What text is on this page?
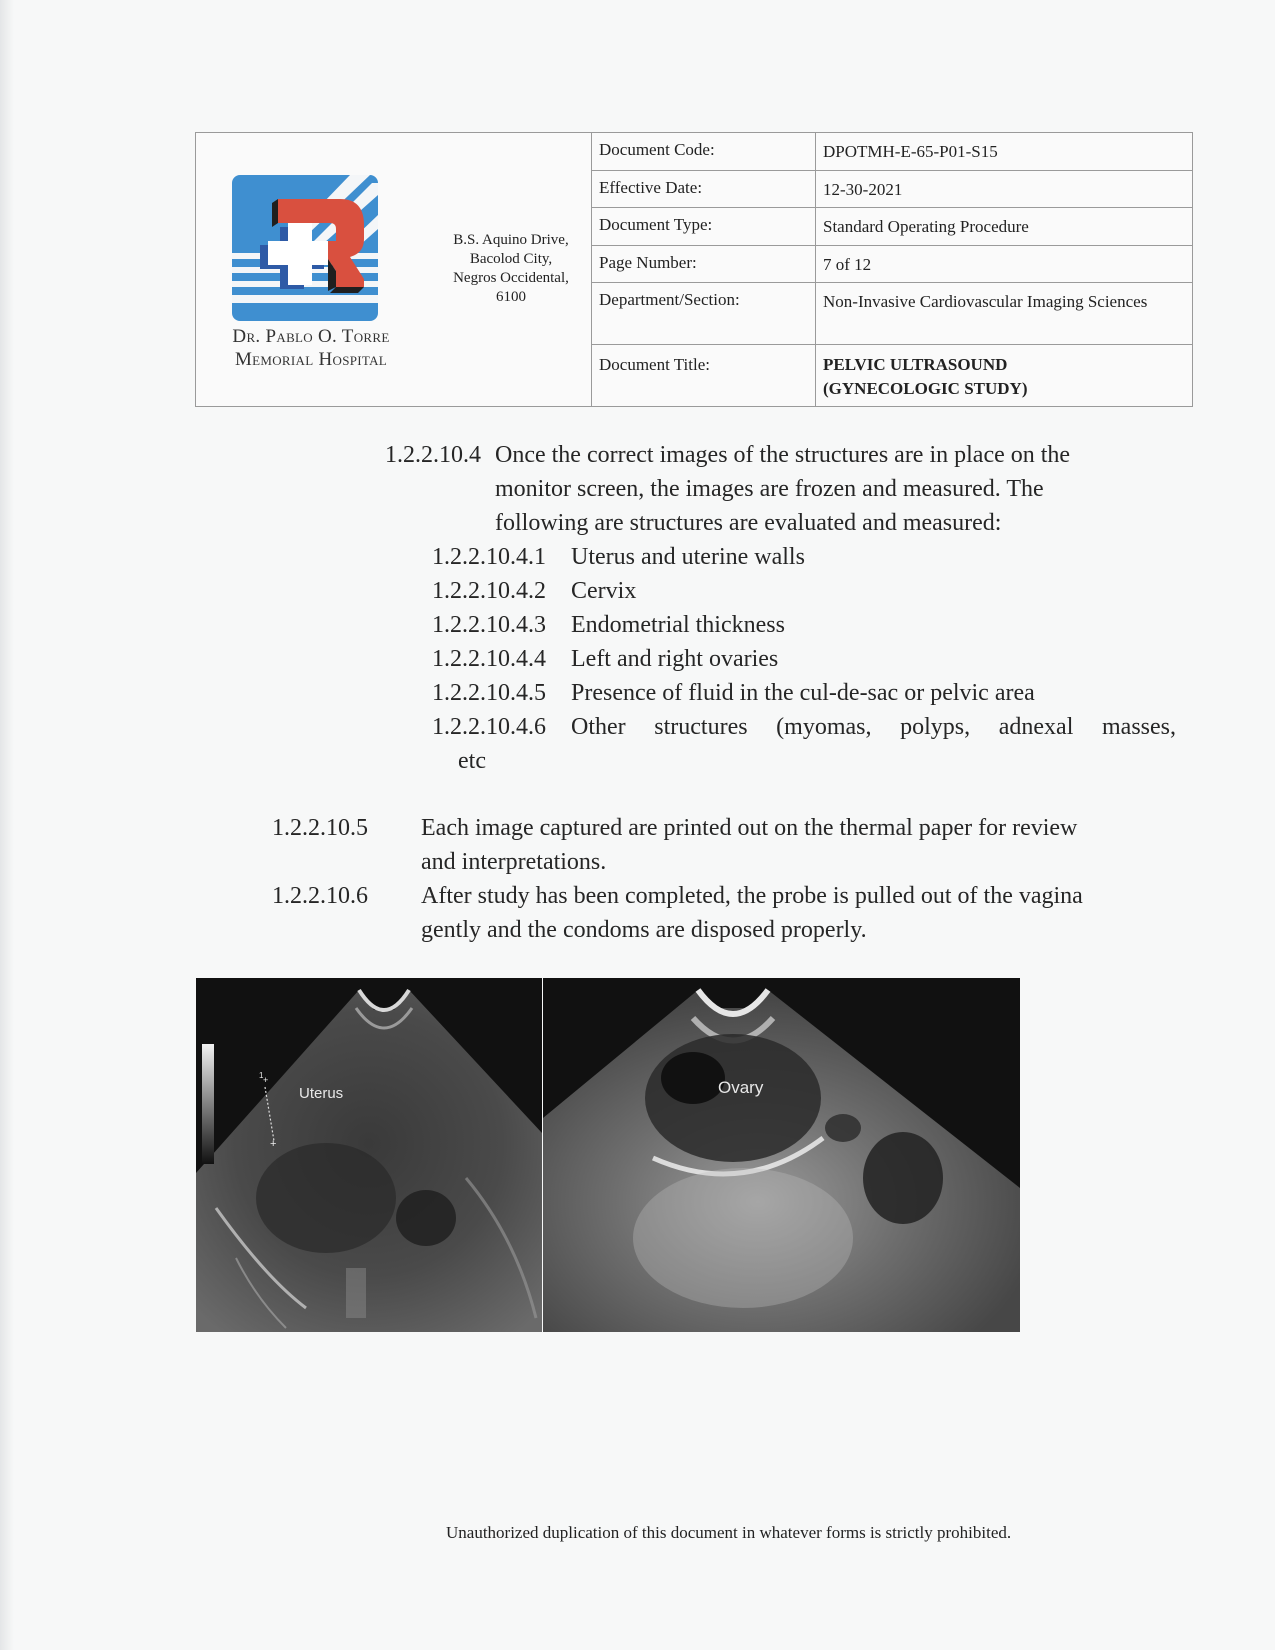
Dr. Pablo O. Torre
Memorial Hospital
B.S. Aquino Drive,
Bacolod City,
Negros Occidental,
6100
Document Code:	DPOTMH-E-65-P01-S15
Effective Date:	12-30-2021
Document Type:	Standard Operating Procedure
Page Number:	7 of 12
Department/Section:	Non-Invasive Cardiovascular Imaging Sciences
Document Title:	PELVIC ULTRASOUND (GYNECOLOGIC STUDY)
1.2.2.10.4 Once the correct images of the structures are in place on the
monitor screen, the images are frozen and measured. The
following are structures are evaluated and measured:
1.2.2.10.4.1 Uterus and uterine walls
1.2.2.10.4.2 Cervix
1.2.2.10.4.3 Endometrial thickness
1.2.2.10.4.4 Left and right ovaries
1.2.2.10.4.5 Presence of fluid in the cul-de-sac or pelvic area
1.2.2.10.4.6 Other structures (myomas, polyps, adnexal masses,
etc
1.2.2.10.5 Each image captured are printed out on the thermal paper for review
and interpretations.
1.2.2.10.6 After study has been completed, the probe is pulled out of the vagina
gently and the condoms are disposed properly.
+
+
1
Uterus	Ovary
Unauthorized duplication of this document in whatever forms is strictly prohibited.
